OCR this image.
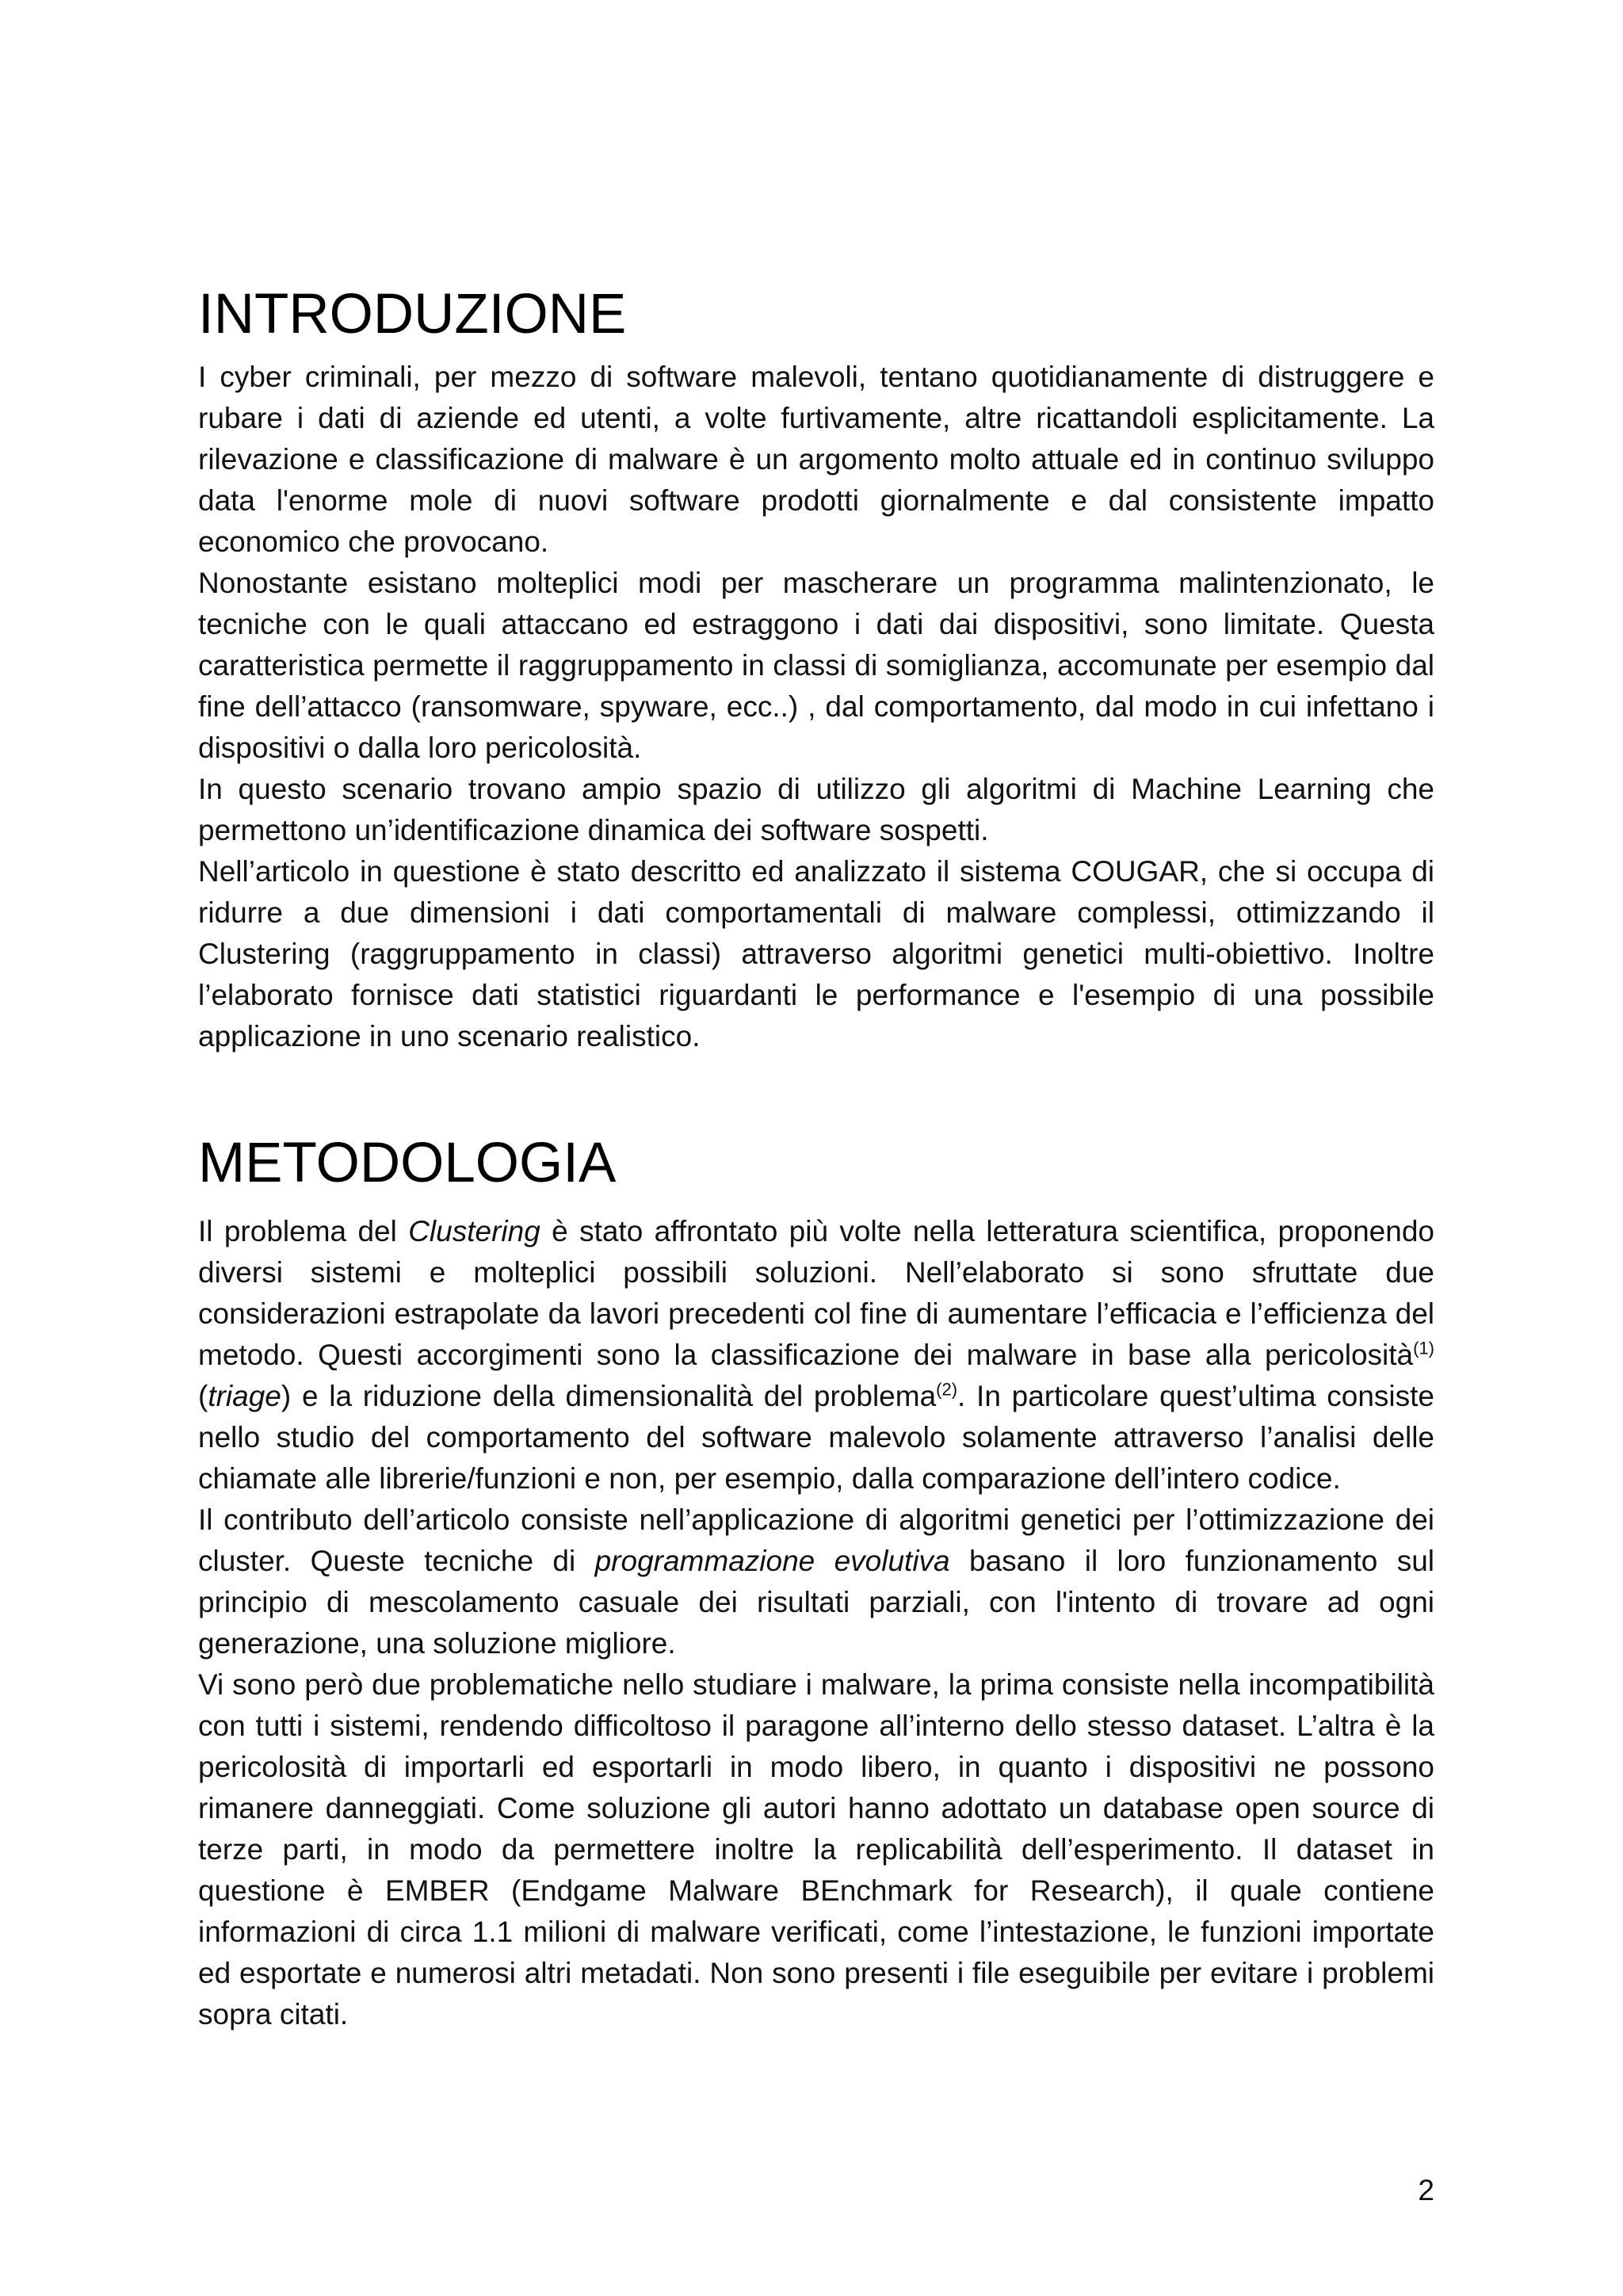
INTRODUZIONE

I cyber criminali, per mezzo di software malevoli, tentano quotidianamente di distruggere e rubare i dati di aziende ed utenti, a volte furtivamente, altre ricattandoli esplicitamente. La rilevazione e classificazione di malware è un argomento molto attuale ed in continuo sviluppo data l'enorme mole di nuovi software prodotti giornalmente e dal consistente impatto economico che provocano.

Nonostante esistano molteplici modi per mascherare un programma malintenzionato, le tecniche con le quali attaccano ed estraggono i dati dai dispositivi, sono limitate. Questa caratteristica permette il raggruppamento in classi di somiglianza, accomunate per esempio dal fine dell’attacco (ransomware, spyware, ecc..) , dal comportamento, dal modo in cui infettano i dispositivi o dalla loro pericolosità.

In questo scenario trovano ampio spazio di utilizzo gli algoritmi di Machine Learning che permettono un’identificazione dinamica dei software sospetti.

Nell’articolo in questione è stato descritto ed analizzato il sistema COUGAR, che si occupa di ridurre a due dimensioni i dati comportamentali di malware complessi, ottimizzando il Clustering (raggruppamento in classi) attraverso algoritmi genetici multi-obiettivo. Inoltre l’elaborato fornisce dati statistici riguardanti le performance e l'esempio di una possibile applicazione in uno scenario realistico.

METODOLOGIA

Il problema del Clustering è stato affrontato più volte nella letteratura scientifica, proponendo diversi sistemi e molteplici possibili soluzioni. Nell’elaborato si sono sfruttate due considerazioni estrapolate da lavori precedenti col fine di aumentare l’efficacia e l’efficienza del metodo. Questi accorgimenti sono la classificazione dei malware in base alla pericolosità$^{(1)}$ (triage) e la riduzione della dimensionalità del problema$^{(2)}$. In particolare quest’ultima consiste nello studio del comportamento del software malevolo solamente attraverso l’analisi delle chiamate alle librerie/funzioni e non, per esempio, dalla comparazione dell’intero codice.

Il contributo dell’articolo consiste nell’applicazione di algoritmi genetici per l’ottimizzazione dei cluster. Queste tecniche di programmazione evolutiva basano il loro funzionamento sul principio di mescolamento casuale dei risultati parziali, con l'intento di trovare ad ogni generazione, una soluzione migliore.

Vi sono però due problematiche nello studiare i malware, la prima consiste nella incompatibilità con tutti i sistemi, rendendo difficoltoso il paragone all’interno dello stesso dataset. L’altra è la pericolosità di importarli ed esportarli in modo libero, in quanto i dispositivi ne possono rimanere danneggiati. Come soluzione gli autori hanno adottato un database open source di terze parti, in modo da permettere inoltre la replicabilità dell’esperimento. Il dataset in questione è EMBER (Endgame Malware BEnchmark for Research), il quale contiene informazioni di circa 1.1 milioni di malware verificati, come l’intestazione, le funzioni importate ed esportate e numerosi altri metadati. Non sono presenti i file eseguibile per evitare i problemi sopra citati.

2
